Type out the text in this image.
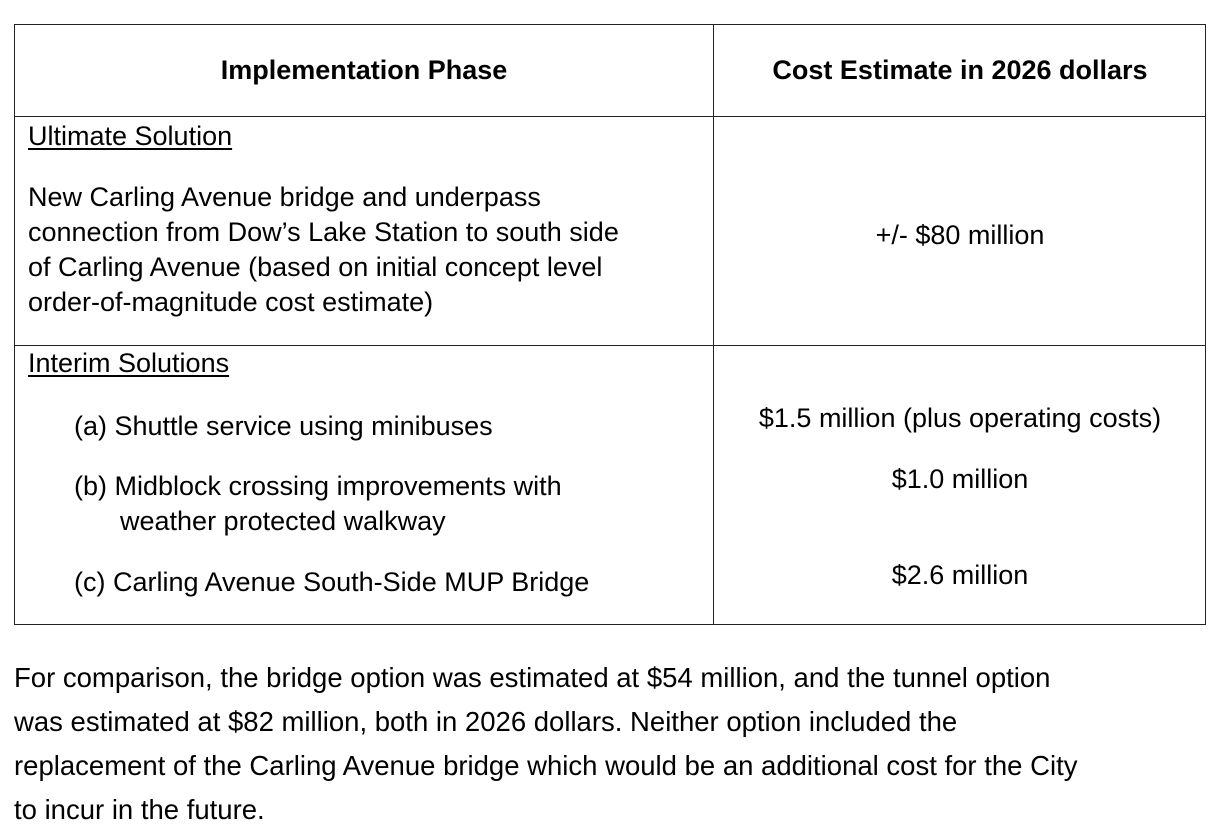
Implementation Phase	Cost Estimate in 2026 dollars
Ultimate Solution
New Carling Avenue bridge and underpass
connection from Dow’s Lake Station to south side
of Carling Avenue (based on initial concept level
order-of-magnitude cost estimate)
+/- $80 million
Interim Solutions
(a) Shuttle service using minibuses	$1.5 million (plus operating costs)
(b) Midblock crossing improvements with
weather protected walkway
$1.0 million
(c) Carling Avenue South-Side MUP Bridge	$2.6 million
For comparison, the bridge option was estimated at $54 million, and the tunnel option
was estimated at $82 million, both in 2026 dollars. Neither option included the
replacement of the Carling Avenue bridge which would be an additional cost for the City
to incur in the future.
